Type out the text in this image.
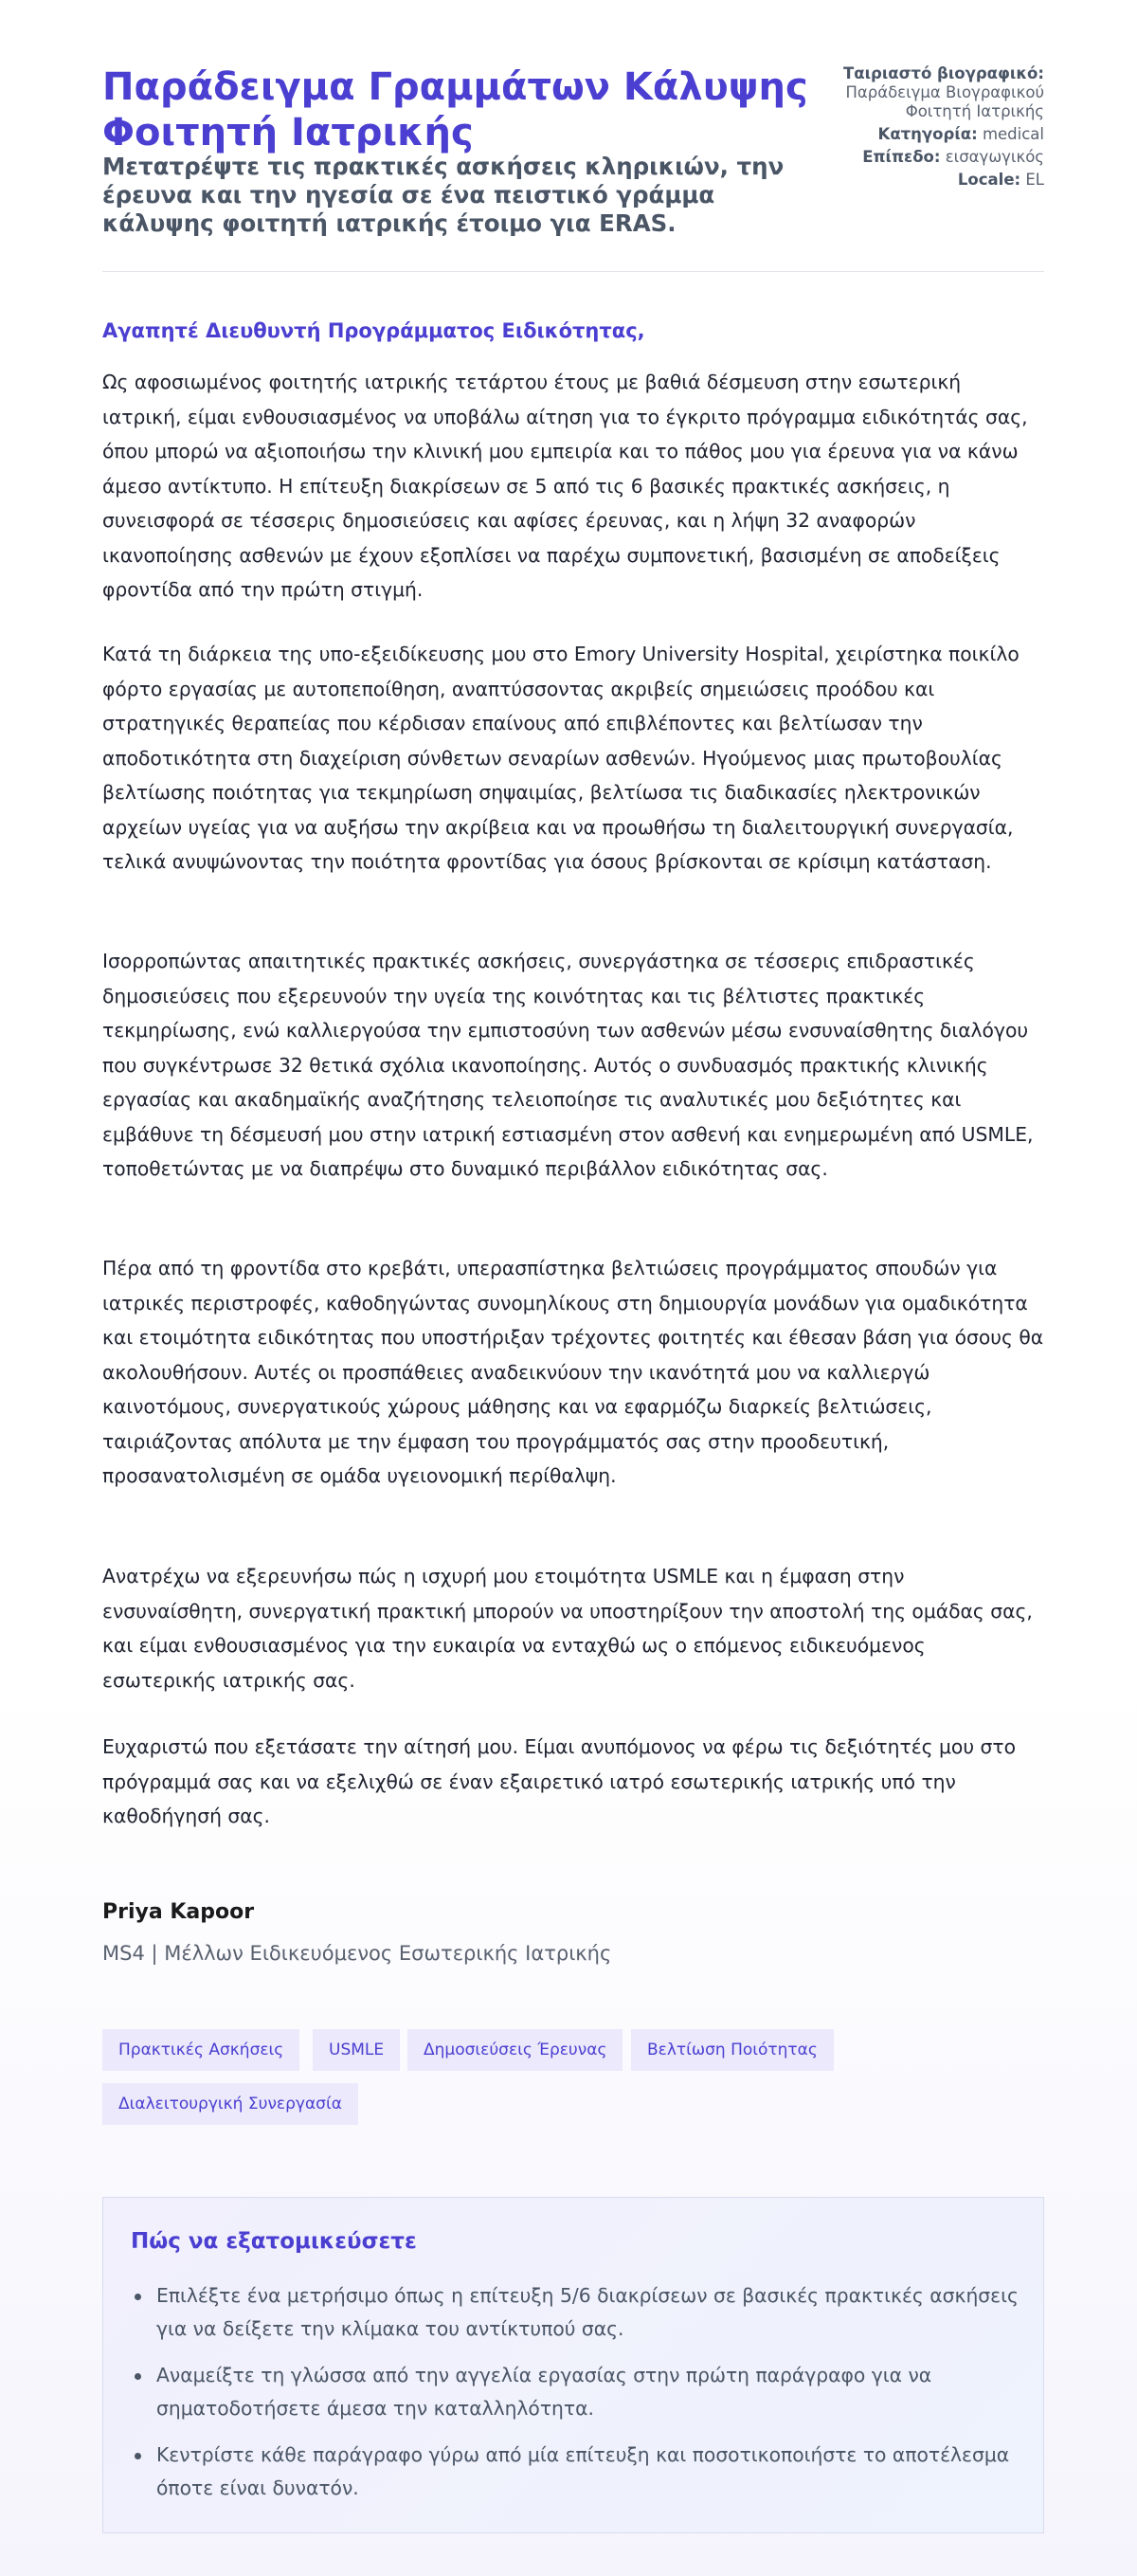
Παράδειγμα Γραμμάτων Κάλυψης Φοιτητή Ιατρικής

Μετατρέψτε τις πρακτικές ασκήσεις κληρικιών, την έρευνα και την ηγεσία σε ένα πειστικό γράμμα κάλυψης φοιτητή ιατρικής έτοιμο για ERAS.

Ταιριαστό βιογραφικό: Παράδειγμα Βιογραφικού Φοιτητή Ιατρικής

Κατηγορία: medical

Επίπεδο: εισαγωγικός

Locale: EL

Αγαπητέ Διευθυντή Προγράμματος Ειδικότητας,

Ως αφοσιωμένος φοιτητής ιατρικής τετάρτου έτους με βαθιά δέσμευση στην εσωτερική ιατρική, είμαι ενθουσιασμένος να υποβάλω αίτηση για το έγκριτο πρόγραμμα ειδικότητάς σας, όπου μπορώ να αξιοποιήσω την κλινική μου εμπειρία και το πάθος μου για έρευνα για να κάνω άμεσο αντίκτυπο. Η επίτευξη διακρίσεων σε 5 από τις 6 βασικές πρακτικές ασκήσεις, η συνεισφορά σε τέσσερις δημοσιεύσεις και αφίσες έρευνας, και η λήψη 32 αναφορών ικανοποίησης ασθενών με έχουν εξοπλίσει να παρέχω συμπονετική, βασισμένη σε αποδείξεις φροντίδα από την πρώτη στιγμή.

Κατά τη διάρκεια της υπο-εξειδίκευσης μου στο Emory University Hospital, χειρίστηκα ποικίλο φόρτο εργασίας με αυτοπεποίθηση, αναπτύσσοντας ακριβείς σημειώσεις προόδου και στρατηγικές θεραπείας που κέρδισαν επαίνους από επιβλέποντες και βελτίωσαν την αποδοτικότητα στη διαχείριση σύνθετων σεναρίων ασθενών. Ηγούμενος μιας πρωτοβουλίας βελτίωσης ποιότητας για τεκμηρίωση σηψαιμίας, βελτίωσα τις διαδικασίες ηλεκτρονικών αρχείων υγείας για να αυξήσω την ακρίβεια και να προωθήσω τη διαλειτουργική συνεργασία, τελικά ανυψώνοντας την ποιότητα φροντίδας για όσους βρίσκονται σε κρίσιμη κατάσταση.

Ισορροπώντας απαιτητικές πρακτικές ασκήσεις, συνεργάστηκα σε τέσσερις επιδραστικές δημοσιεύσεις που εξερευνούν την υγεία της κοινότητας και τις βέλτιστες πρακτικές τεκμηρίωσης, ενώ καλλιεργούσα την εμπιστοσύνη των ασθενών μέσω ενσυναίσθητης διαλόγου που συγκέντρωσε 32 θετικά σχόλια ικανοποίησης. Αυτός ο συνδυασμός πρακτικής κλινικής εργασίας και ακαδημαϊκής αναζήτησης τελειοποίησε τις αναλυτικές μου δεξιότητες και εμβάθυνε τη δέσμευσή μου στην ιατρική εστιασμένη στον ασθενή και ενημερωμένη από USMLE, τοποθετώντας με να διαπρέψω στο δυναμικό περιβάλλον ειδικότητας σας.

Πέρα από τη φροντίδα στο κρεβάτι, υπερασπίστηκα βελτιώσεις προγράμματος σπουδών για ιατρικές περιστροφές, καθοδηγώντας συνομηλίκους στη δημιουργία μονάδων για ομαδικότητα και ετοιμότητα ειδικότητας που υποστήριξαν τρέχοντες φοιτητές και έθεσαν βάση για όσους θα ακολουθήσουν. Αυτές οι προσπάθειες αναδεικνύουν την ικανότητά μου να καλλιεργώ καινοτόμους, συνεργατικούς χώρους μάθησης και να εφαρμόζω διαρκείς βελτιώσεις, ταιριάζοντας απόλυτα με την έμφαση του προγράμματός σας στην προοδευτική, προσανατολισμένη σε ομάδα υγειονομική περίθαλψη.

Ανατρέχω να εξερευνήσω πώς η ισχυρή μου ετοιμότητα USMLE και η έμφαση στην ενσυναίσθητη, συνεργατική πρακτική μπορούν να υποστηρίξουν την αποστολή της ομάδας σας, και είμαι ενθουσιασμένος για την ευκαιρία να ενταχθώ ως ο επόμενος ειδικευόμενος εσωτερικής ιατρικής σας.

Ευχαριστώ που εξετάσατε την αίτησή μου. Είμαι ανυπόμονος να φέρω τις δεξιότητές μου στο πρόγραμμά σας και να εξελιχθώ σε έναν εξαιρετικό ιατρό εσωτερικής ιατρικής υπό την καθοδήγησή σας.

Priya Kapoor

MS4 | Μέλλων Ειδικευόμενος Εσωτερικής Ιατρικής

Πρακτικές Ασκήσεις	USMLE	Δημοσιεύσεις Έρευνας	Βελτίωση Ποιότητας
Διαλειτουργική Συνεργασία

Πώς να εξατομικεύσετε

Επιλέξτε ένα μετρήσιμο όπως η επίτευξη 5/6 διακρίσεων σε βασικές πρακτικές ασκήσεις για να δείξετε την κλίμακα του αντίκτυπού σας.
Αναμείξτε τη γλώσσα από την αγγελία εργασίας στην πρώτη παράγραφο για να σηματοδοτήσετε άμεσα την καταλληλότητα.
Κεντρίστε κάθε παράγραφο γύρω από μία επίτευξη και ποσοτικοποιήστε το αποτέλεσμα όποτε είναι δυνατόν.
